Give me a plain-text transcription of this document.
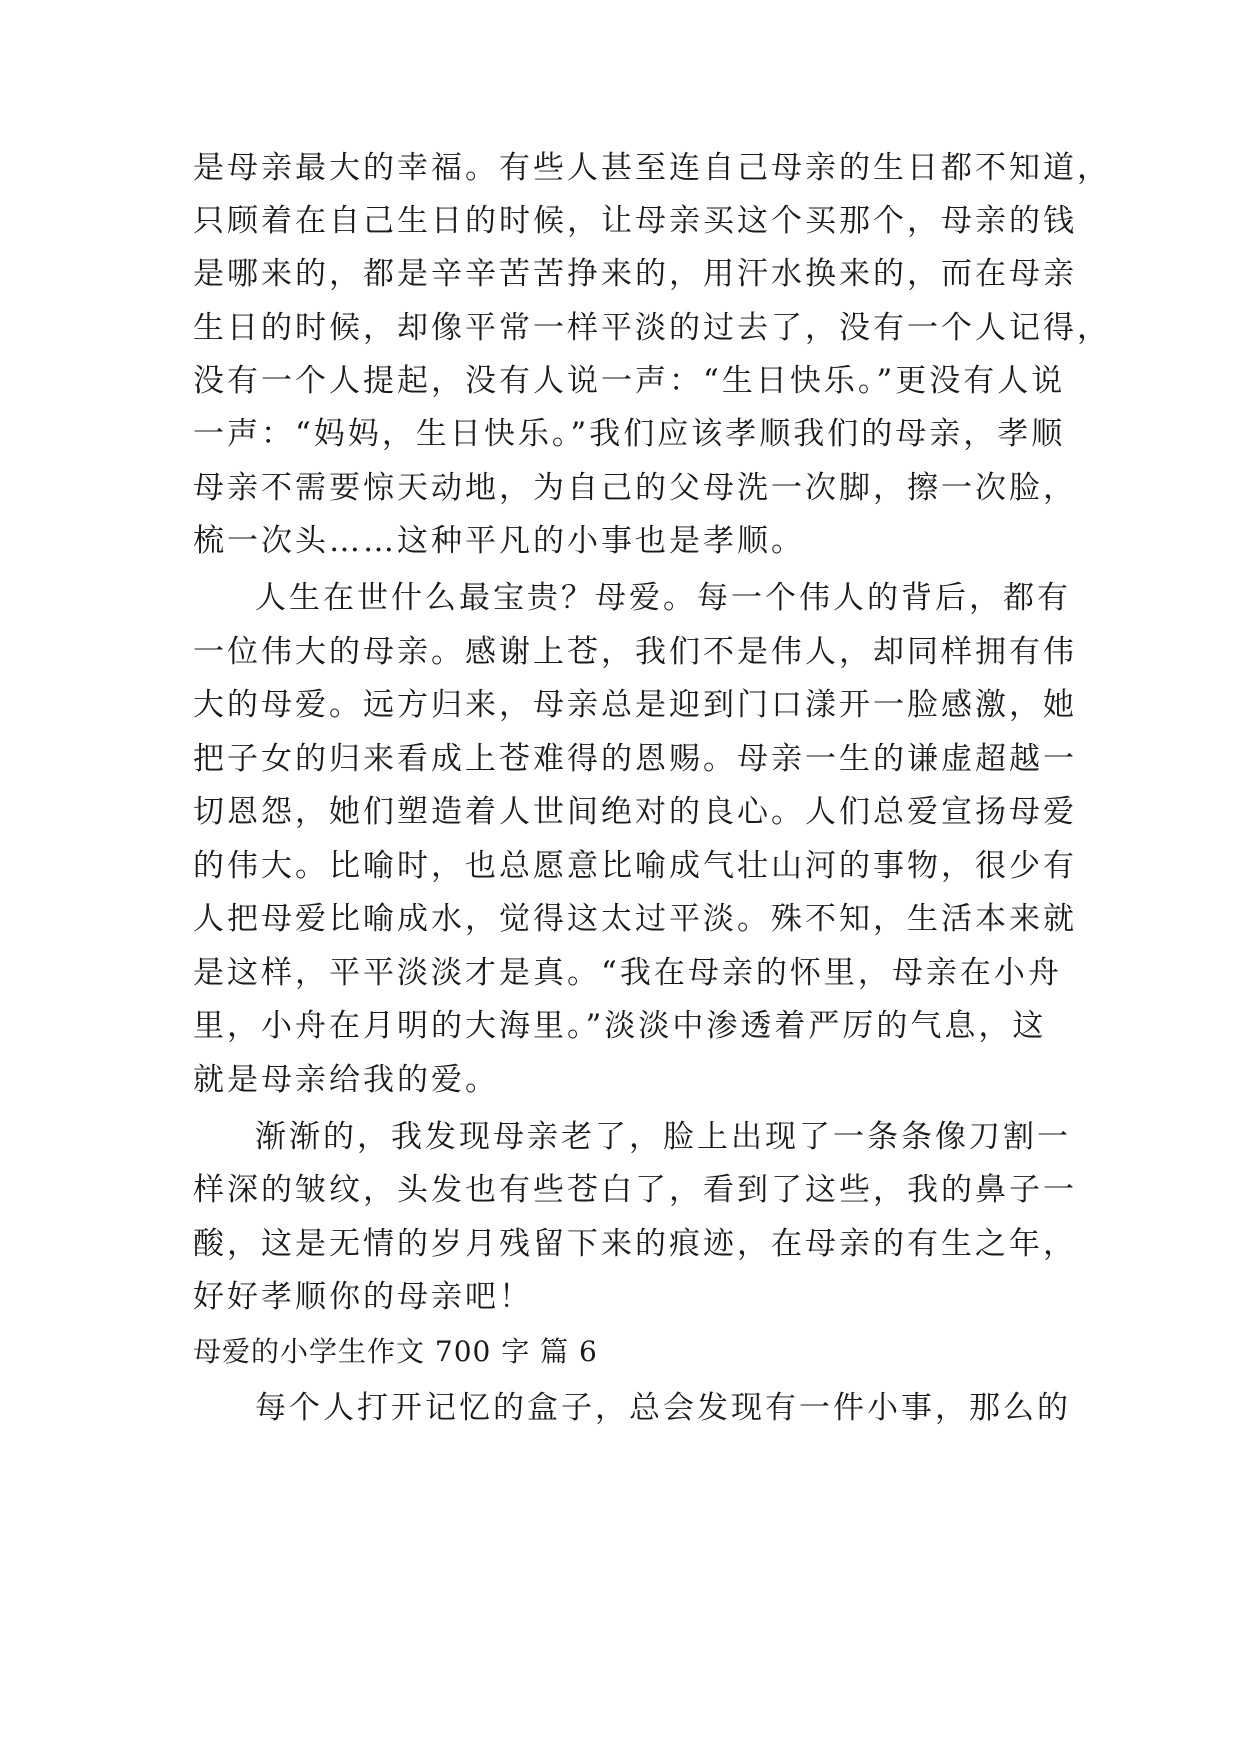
是母亲最大的幸福。有些人甚至连自己母亲的生日都不知道，
只顾着在自己生日的时候，让母亲买这个买那个，母亲的钱
是哪来的，都是辛辛苦苦挣来的，用汗水换来的，而在母亲
生日的时候，却像平常一样平淡的过去了，没有一个人记得，
没有一个人提起，没有人说一声：“生日快乐。”更没有人说
一声：“妈妈，生日快乐。”我们应该孝顺我们的母亲，孝顺
母亲不需要惊天动地，为自己的父母洗一次脚，擦一次脸，
梳一次头……这种平凡的小事也是孝顺。
人生在世什么最宝贵？母爱。每一个伟人的背后，都有
一位伟大的母亲。感谢上苍，我们不是伟人，却同样拥有伟
大的母爱。远方归来，母亲总是迎到门口漾开一脸感激，她
把子女的归来看成上苍难得的恩赐。母亲一生的谦虚超越一
切恩怨，她们塑造着人世间绝对的良心。人们总爱宣扬母爱
的伟大。比喻时，也总愿意比喻成气壮山河的事物，很少有
人把母爱比喻成水，觉得这太过平淡。殊不知，生活本来就
是这样，平平淡淡才是真。“我在母亲的怀里，母亲在小舟
里，小舟在月明的大海里。”淡淡中渗透着严厉的气息，这
就是母亲给我的爱。
渐渐的，我发现母亲老了，脸上出现了一条条像刀割一
样深的皱纹，头发也有些苍白了，看到了这些，我的鼻子一
酸，这是无情的岁月残留下来的痕迹，在母亲的有生之年，
好好孝顺你的母亲吧！
母爱的小学生作文 700 字 篇 6
每个人打开记忆的盒子，总会发现有一件小事，那么的
